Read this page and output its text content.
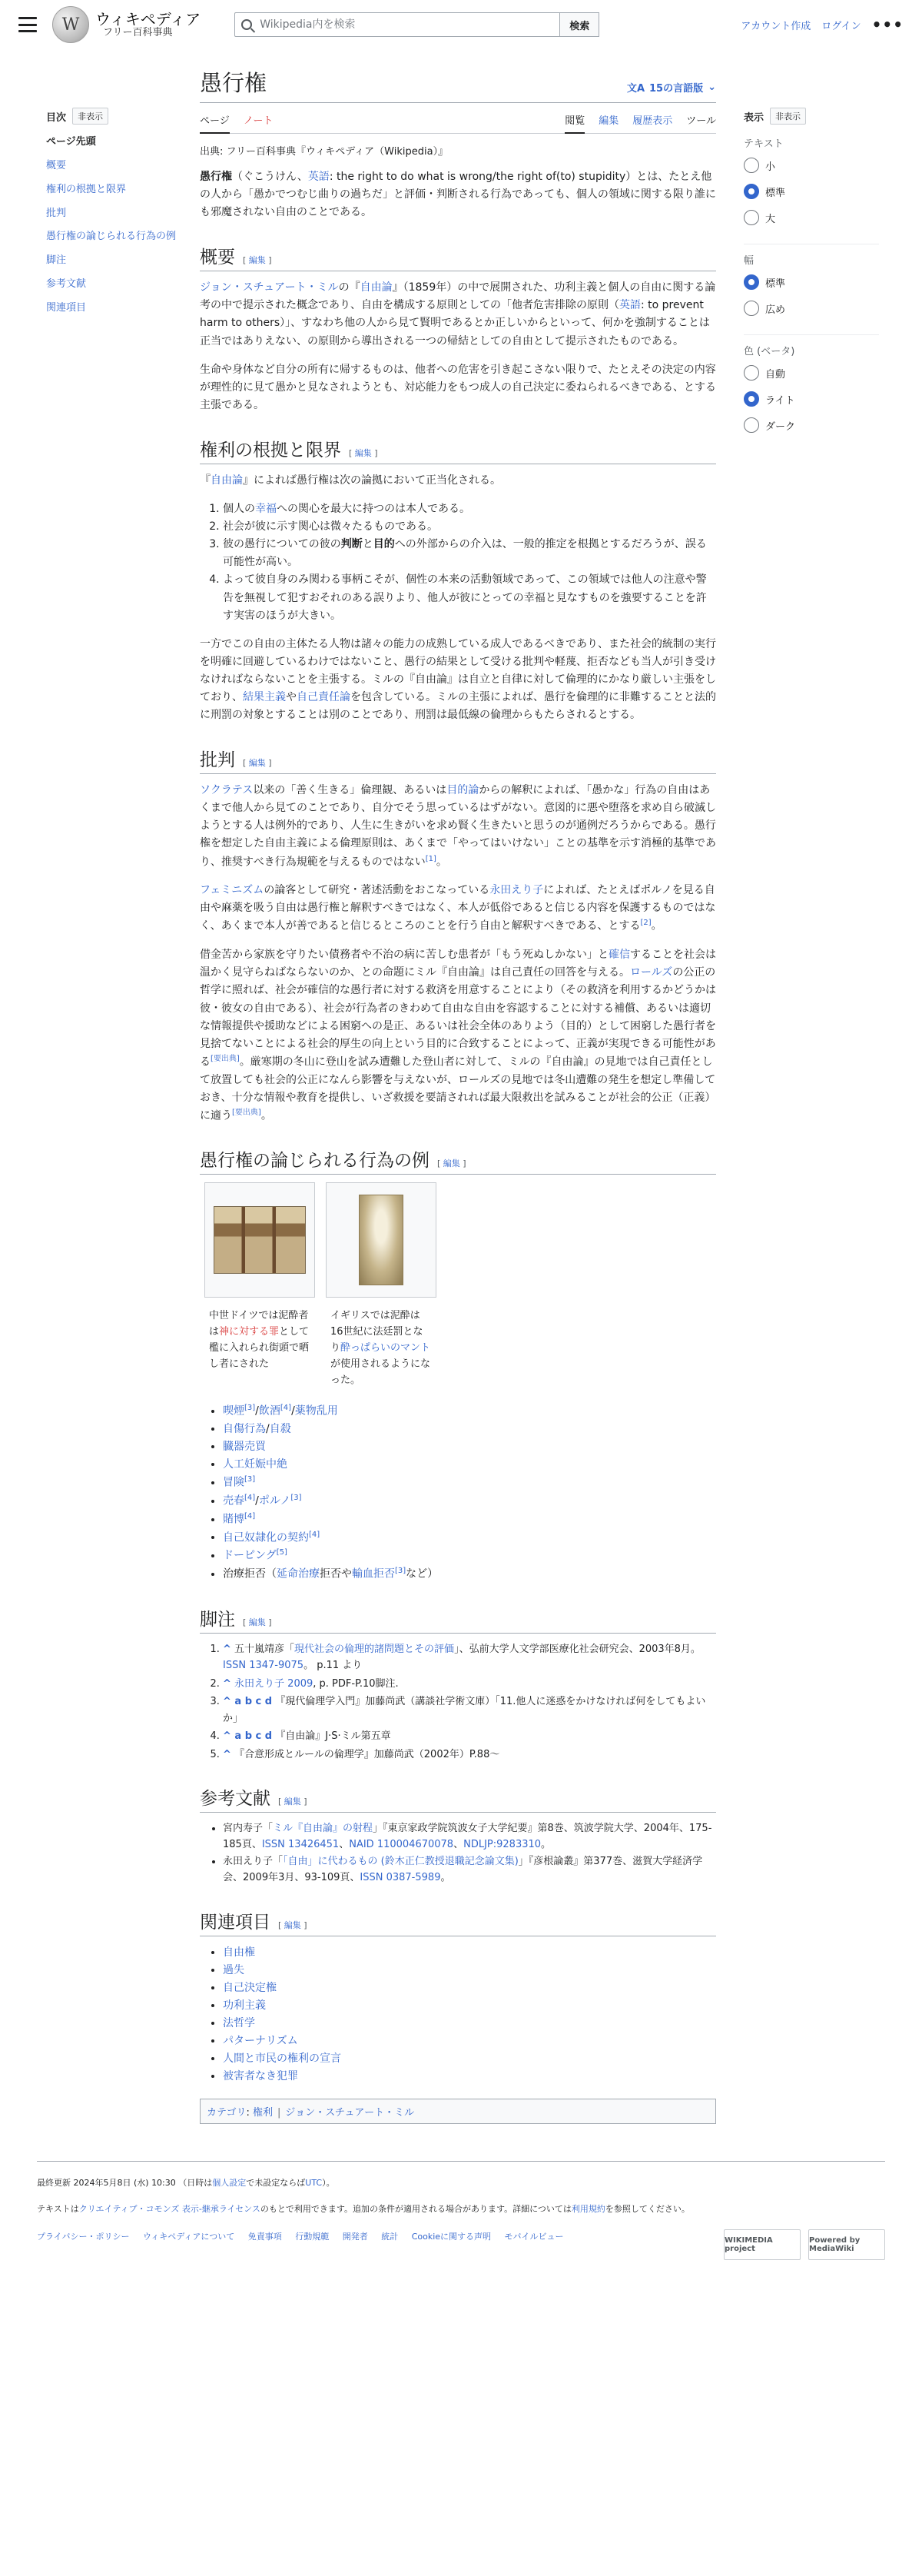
W	ウィキペディア
フリー百科事典
Wikipedia内を検索
検索	アカウント作成 ログイン •••
目次	非表示
ページ先頭
概要
権利の根拠と限界
批判
愚行権の論じられる行為の例
脚注
参考文献
関連項目
愚行権	文A 15の言語版 ⌄
ページ ノート	閲覧 編集 履歴表示 ツール
出典: フリー百科事典『ウィキペディア（Wikipedia）』

愚行権（ぐこうけん、英語: the right to do what is wrong/the right of(to) stupidity）とは、たとえ他の人から「愚かでつむじ曲りの過ちだ」と評価・判断される行為であっても、個人の領域に関する限り誰にも邪魔されない自由のことである。

概要 [ 編集 ]

ジョン・スチュアート・ミルの『自由論』（1859年）の中で展開された、功利主義と個人の自由に関する論考の中で提示された概念であり、自由を構成する原則としての「他者危害排除の原則（英語: to prevent harm to others）」、すなわち他の人から見て賢明であるとか正しいからといって、何かを強制することは正当ではありえない、の原則から導出される一つの帰結としての自由として提示されたものである。

生命や身体など自分の所有に帰するものは、他者への危害を引き起こさない限りで、たとえその決定の内容が理性的に見て愚かと見なされようとも、対応能力をもつ成人の自己決定に委ねられるべきである、とする主張である。

権利の根拠と限界 [ 編集 ]

『自由論』によれば愚行権は次の論拠において正当化される。

1. 個人の幸福への関心を最大に持つのは本人である。
2. 社会が彼に示す関心は微々たるものである。
3. 彼の愚行についての彼の判断と目的への外部からの介入は、一般的推定を根拠とするだろうが、誤る可能性が高い。
4. よって彼自身のみ関わる事柄こそが、個性の本来の活動領域であって、この領域では他人の注意や警告を無視して犯すおそれのある誤りより、他人が彼にとっての幸福と見なすものを強要することを許す実害のほうが大きい。

一方でこの自由の主体たる人物は諸々の能力の成熟している成人であるべきであり、また社会的統制の実行を明確に回避しているわけではないこと、愚行の結果として受ける批判や軽蔑、拒否なども当人が引き受けなければならないことを主張する。ミルの『自由論』は自立と自律に対して倫理的にかなり厳しい主張をしており、結果主義や自己責任論を包含している。ミルの主張によれば、愚行を倫理的に非難することと法的に刑罰の対象とすることは別のことであり、刑罰は最低線の倫理からもたらされるとする。

批判 [ 編集 ]

ソクラテス以来の「善く生きる」倫理観、あるいは目的論からの解釈によれば、「愚かな」行為の自由はあくまで他人から見てのことであり、自分でそう思っているはずがない。意図的に悪や堕落を求め自ら破滅しようとする人は例外的であり、人生に生きがいを求め賢く生きたいと思うのが通例だろうからである。愚行権を想定した自由主義による倫理原則は、あくまで「やってはいけない」ことの基準を示す消極的基準であり、推奨すべき行為規範を与えるものではない[1]。

フェミニズムの論客として研究・著述活動をおこなっている永田えり子によれば、たとえばポルノを見る自由や麻薬を吸う自由は愚行権と解釈すべきではなく、本人が低俗であると信じる内容を保護するものではなく、あくまで本人が善であると信じるところのことを行う自由と解釈すべきである、とする[2]。

借金苦から家族を守りたい債務者や不治の病に苦しむ患者が「もう死ぬしかない」と確信することを社会は温かく見守らねばならないのか、との命題にミル『自由論』は自己責任の回答を与える。ロールズの公正の哲学に照れば、社会が確信的な愚行者に対する救済を用意することにより（その救済を利用するかどうかは彼・彼女の自由である）、社会が行為者のきわめて自由な自由を容認することに対する補償、あるいは適切な情報提供や援助などによる困窮への是正、あるいは社会全体のありよう（目的）として困窮した愚行者を見捨てないことによる社会的厚生の向上という目的に合致することによって、正義が実現できる可能性がある[要出典]。厳寒期の冬山に登山を試み遭難した登山者に対して、ミルの『自由論』の見地では自己責任として放置しても社会的公正になんら影響を与えないが、ロールズの見地では冬山遭難の発生を想定し準備しておき、十分な情報や教育を提供し、いざ救援を要請されれば最大限救出を試みることが社会的公正（正義）に適う[要出典]。

愚行権の論じられる行為の例 [ 編集 ]
中世ドイツでは泥酔者は神に対する罪として檻に入れられ街頭で晒し者にされた
イギリスでは泥酔は16世紀に法廷罰となり酔っぱらいのマントが使用されるようになった。
• 喫煙[3]/飲酒[4]/薬物乱用
• 自傷行為/自殺
• 臓器売買
• 人工妊娠中絶
• 冒険[3]
• 売春[4]/ポルノ[3]
• 賭博[4]
• 自己奴隷化の契約[4]
• ドーピング[5]
• 治療拒否（延命治療拒否や輸血拒否[3]など）
脚注 [ 編集 ]
1. ^ 五十嵐靖彦「現代社会の倫理的諸問題とその評価」、弘前大学人文学部医療化社会研究会、2003年8月。ISSN 1347-9075。 p.11 より
2. ^ 永田えり子 2009, p. PDF-P.10脚注.
3. ^ a b c d 『現代倫理学入門』加藤尚武（講談社学術文庫）「11.他人に迷惑をかけなければ何をしてもよいか」
4. ^ a b c d 『自由論』J·S·ミル第五章
5. ^ 『合意形成とルールの倫理学』加藤尚武（2002年）P.88〜
参考文献 [ 編集 ]
• 宮内寿子「ミル『自由論』の射程」『東京家政学院筑波女子大学紀要』第8巻、筑波学院大学、2004年、175-185頁、ISSN 13426451、NAID 110004670078、NDLJP:9283310。
• 永田えり子「「自由」に代わるもの (鈴木正仁教授退職記念論文集)」『彦根論叢』第377巻、滋賀大学経済学会、2009年3月、93-109頁、ISSN 0387-5989。
関連項目 [ 編集 ]
• 自由権
• 過失
• 自己決定権
• 功利主義
• 法哲学
• パターナリズム
• 人間と市民の権利の宣言
• 被害者なき犯罪
カテゴリ: 権利 | ジョン・スチュアート・ミル
表示	非表示
テキスト
小
標準
大
幅
標準
広め
色 (ベータ)
自動
ライト
ダーク

最終更新 2024年5月8日 (水) 10:30 （日時は個人設定で未設定ならばUTC）。

テキストはクリエイティブ・コモンズ 表示-継承ライセンスのもとで利用できます。追加の条件が適用される場合があります。詳細については利用規約を参照してください。

プライバシー・ポリシー ウィキペディアについて 免責事項 行動規範 開発者 統計 Cookieに関する声明 モバイルビュー	WIKIMEDIA project
Powered by MediaWiki
